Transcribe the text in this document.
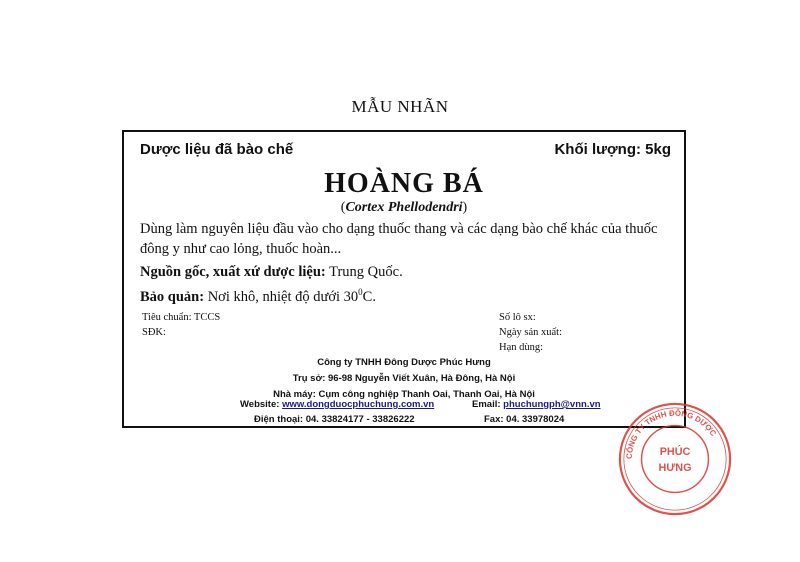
MẪU NHÃN
Dược liệu đã bào chế	Khối lượng: 5kg
HOÀNG BÁ
(Cortex Phellodendri)
Dùng làm nguyên liệu đầu vào cho dạng thuốc thang và các dạng bào chế khác của thuốc đông y như cao lỏng, thuốc hoàn...
Nguồn gốc, xuất xứ dược liệu: Trung Quốc.
Bảo quản: Nơi khô, nhiệt độ dưới $30^0C$.
Tiêu chuẩn: TCCS
SĐK:
Số lô sx:
Ngày sản xuất:
Hạn dùng:
Công ty TNHH Đông Dược Phúc Hưng
Trụ sở: 96-98 Nguyễn Viết Xuân, Hà Đông, Hà Nội
Nhà máy: Cụm công nghiệp Thanh Oai, Thanh Oai, Hà Nội
Website: www.dongduocphuchung.com.vn	Email: phuchungph@vnn.vn
Điện thoại: 04. 33824177 - 33826222	Fax: 04. 33978024
CÔNG TY TNHH ĐÔNG DƯỢC
PHÚC
HƯNG
